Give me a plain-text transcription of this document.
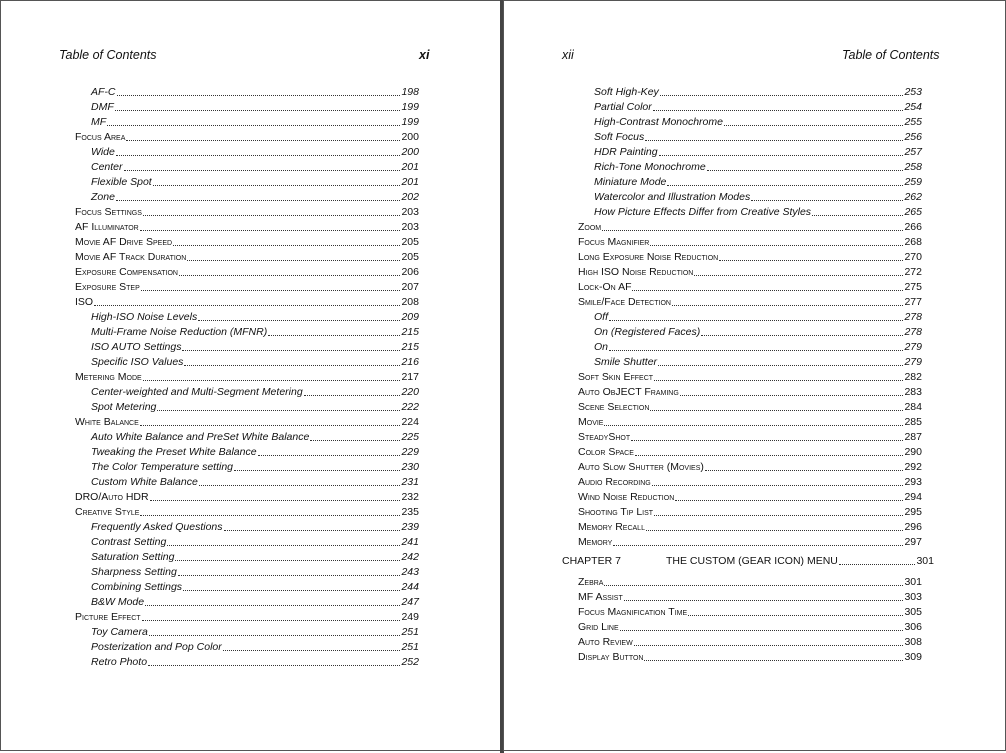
Table of Contents	xi
AF-C	198
DMF	199
MF	199
Focus Area	200
Wide	200
Center	201
Flexible Spot	201
Zone	202
Focus Settings	203
AF Illuminator	203
Movie AF Drive Speed	205
Movie AF Track Duration	205
Exposure Compensation	206
Exposure Step	207
ISO	208
High-ISO Noise Levels	209
Multi-Frame Noise Reduction (MFNR)	215
ISO AUTO Settings	215
Specific ISO Values	216
Metering Mode	217
Center-weighted and Multi-Segment Metering	220
Spot Metering	222
White Balance	224
Auto White Balance and PreSet White Balance	225
Tweaking the Preset White Balance	229
The Color Temperature setting	230
Custom White Balance	231
DRO/Auto HDR	232
Creative Style	235
Frequently Asked Questions	239
Contrast Setting	241
Saturation Setting	242
Sharpness Setting	243
Combining Settings	244
B&W Mode	247
Picture Effect	249
Toy Camera	251
Posterization and Pop Color	251
Retro Photo	252
xii	Table of Contents
Soft High-Key	253
Partial Color	254
High-Contrast Monochrome	255
Soft Focus	256
HDR Painting	257
Rich-Tone Monochrome	258
Miniature Mode	259
Watercolor and Illustration Modes	262
How Picture Effects Differ from Creative Styles	265
Zoom	266
Focus Magnifier	268
Long Exposure Noise Reduction	270
High ISO Noise Reduction	272
Lock-On AF	275
Smile/Face Detection	277
Off	278
On (Registered Faces)	278
On	279
Smile Shutter	279
Soft Skin Effect	282
Auto ObJECT Framing	283
Scene Selection	284
Movie	285
SteadyShot	287
Color Space	290
Auto Slow Shutter (Movies)	292
Audio Recording	293
Wind Noise Reduction	294
Shooting Tip List	295
Memory Recall	296
Memory	297
CHAPTER 7	THE CUSTOM (GEAR ICON) MENU	301
Zebra	301
MF Assist	303
Focus Magnification Time	305
Grid Line	306
Auto Review	308
Display Button	309
